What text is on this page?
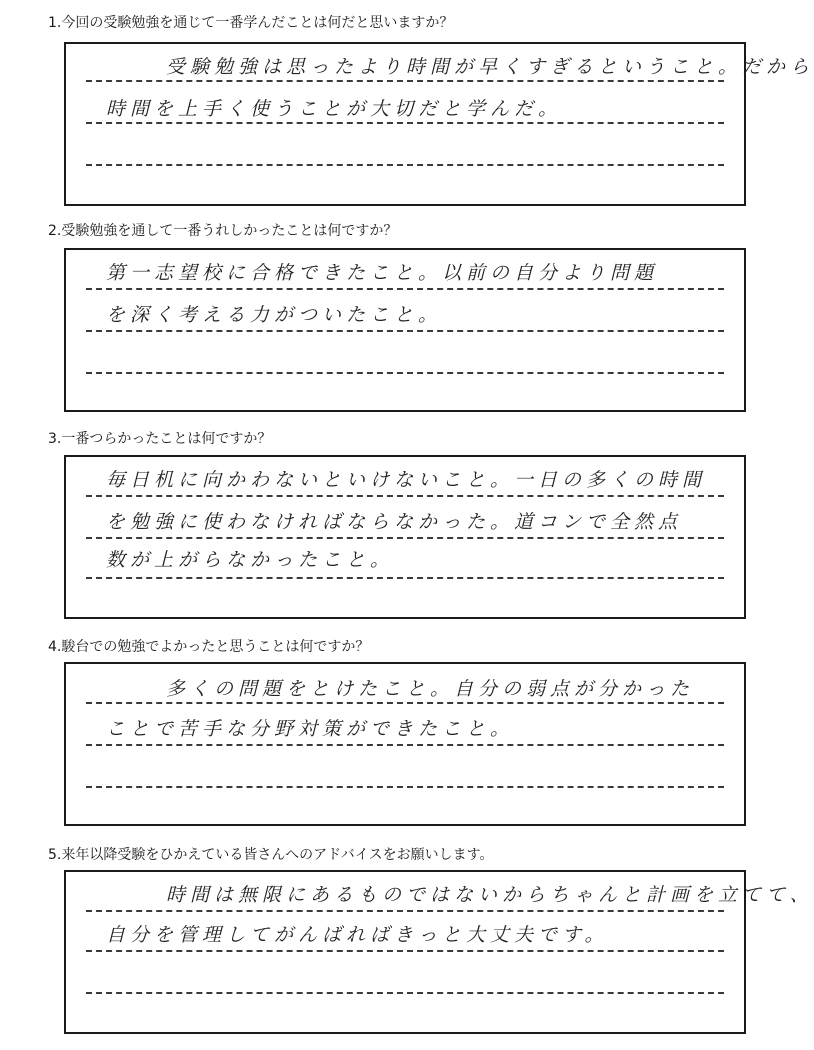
1.今回の受験勉強を通じて一番学んだことは何だと思いますか？
受験勉強は思ったより時間が早くすぎるということ。だから
時間を上手く使うことが大切だと学んだ。
2.受験勉強を通して一番うれしかったことは何ですか？
第一志望校に合格できたこと。以前の自分より問題
を深く考える力がついたこと。
3.一番つらかったことは何ですか？
毎日机に向かわないといけないこと。一日の多くの時間
を勉強に使わなければならなかった。道コンで全然点
数が上がらなかったこと。
4.駿台での勉強でよかったと思うことは何ですか？
多くの問題をとけたこと。自分の弱点が分かった
ことで苦手な分野対策ができたこと。
5.来年以降受験をひかえている皆さんへのアドバイスをお願いします。
時間は無限にあるものではないからちゃんと計画を立てて、
自分を管理してがんばればきっと大丈夫です。
